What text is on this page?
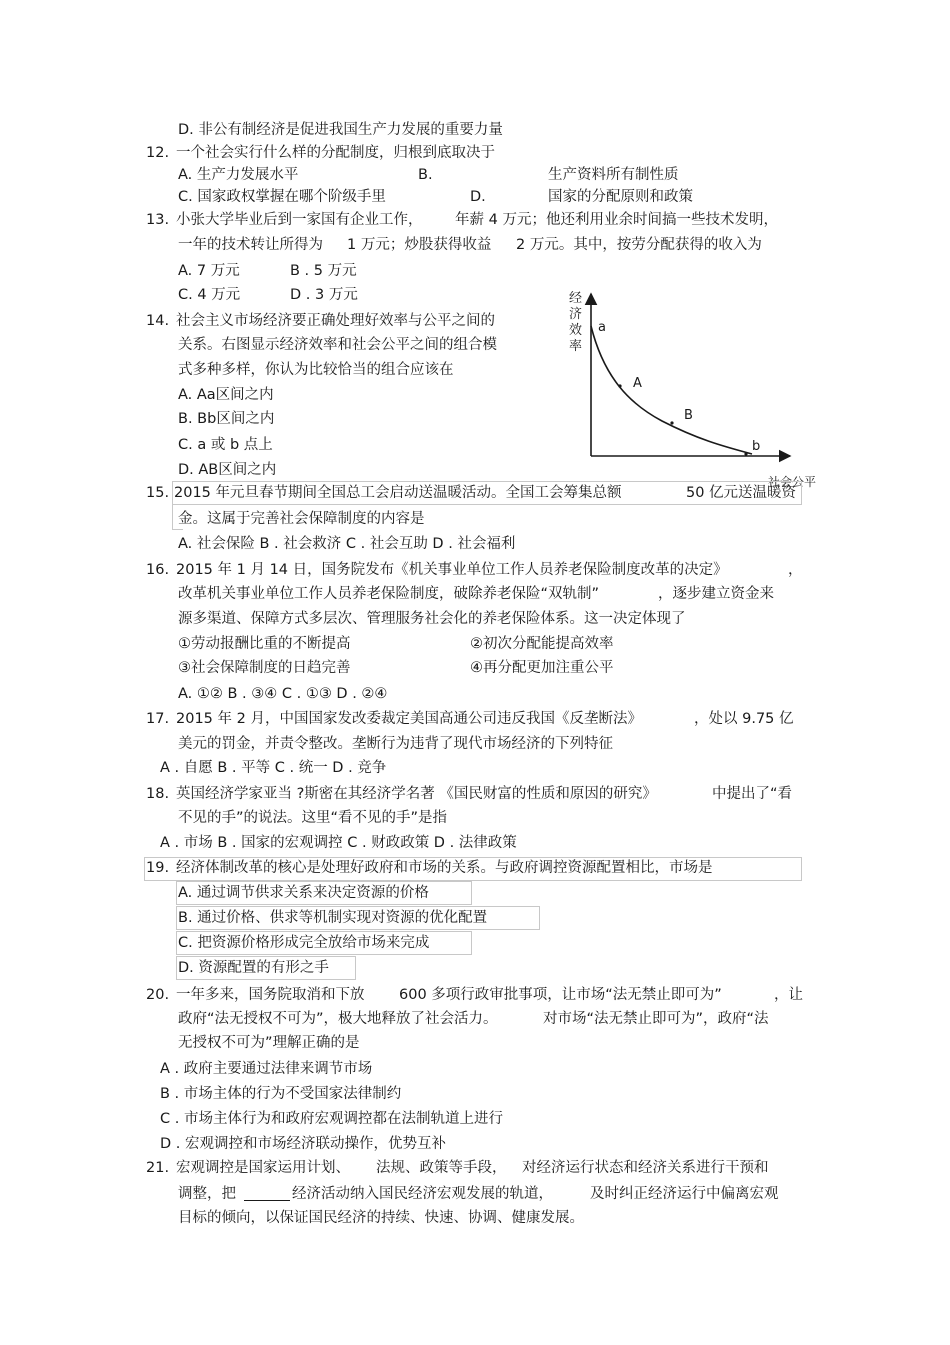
D. 非公有制经济是促进我国生产力发展的重要力量
12. 一个社会实行什么样的分配制度，归根到底取决于
A. 生产力发展水平	B.	生产资料所有制性质
C. 国家政权掌握在哪个阶级手里	D.	国家的分配原则和政策
13. 小张大学毕业后到一家国有企业工作， 年薪 4 万元；他还利用业余时间搞一些技术发明，
一年的技术转让所得为 1 万元；炒股获得收益 2 万元。其中，按劳分配获得的收入为
A. 7 万元	B . 5 万元
C. 4 万元	D . 3 万元
14. 社会主义市场经济要正确处理好效率与公平之间的
关系。右图显示经济效率和社会公平之间的组合模
式多种多样，你认为比较恰当的组合应该在
A. Aa区间之内
B. Bb区间之内
C. a 或 b 点上
D. AB区间之内
经
济
效
率
a
A
B
b
社会公平
15. 2015 年元旦春节期间全国总工会启动送温暖活动。全国工会筹集总额	50 亿元送温暖资
金。这属于完善社会保障制度的内容是
A. 社会保险 B . 社会救济 C . 社会互助 D . 社会福利
16. 2015 年 1 月 14 日，国务院发布《机关事业单位工作人员养老保险制度改革的决定》	，
改革机关事业单位工作人员养老保险制度，破除养老保险“双轨制”	，逐步建立资金来
源多渠道、保障方式多层次、管理服务社会化的养老保险体系。这一决定体现了
①劳动报酬比重的不断提高	②初次分配能提高效率
③社会保障制度的日趋完善	④再分配更加注重公平
A. ①② B . ③④ C . ①③ D . ②④
17. 2015 年 2 月，中国国家发改委裁定美国高通公司违反我国《反垄断法》	，处以 9.75 亿
美元的罚金，并责令整改。垄断行为违背了现代市场经济的下列特征
A . 自愿 B . 平等 C . 统一 D . 竞争
18. 英国经济学家亚当 ?斯密在其经济学名著 《国民财富的性质和原因的研究》	中提出了“看
不见的手”的说法。这里“看不见的手”是指
A . 市场 B . 国家的宏观调控 C . 财政政策 D . 法律政策
19. 经济体制改革的核心是处理好政府和市场的关系。与政府调控资源配置相比，市场是
A. 通过调节供求关系来决定资源的价格
B. 通过价格、供求等机制实现对资源的优化配置
C. 把资源价格形成完全放给市场来完成
D. 资源配置的有形之手
20. 一年多来，国务院取消和下放 600 多项行政审批事项，让市场“法无禁止即可为”	，让
政府“法无授权不可为”，极大地释放了社会活力。	对市场“法无禁止即可为”，政府“法
无授权不可为”理解正确的是
A . 政府主要通过法律来调节市场
B . 市场主体的行为不受国家法律制约
C . 市场主体行为和政府宏观调控都在法制轨道上进行
D . 宏观调控和市场经济联动操作，优势互补
21. 宏观调控是国家运用计划、 法规、政策等手段， 对经济运行状态和经济关系进行干预和
调整，把	经济活动纳入国民经济宏观发展的轨道，	及时纠正经济运行中偏离宏观
目标的倾向，以保证国民经济的持续、快速、协调、健康发展。
